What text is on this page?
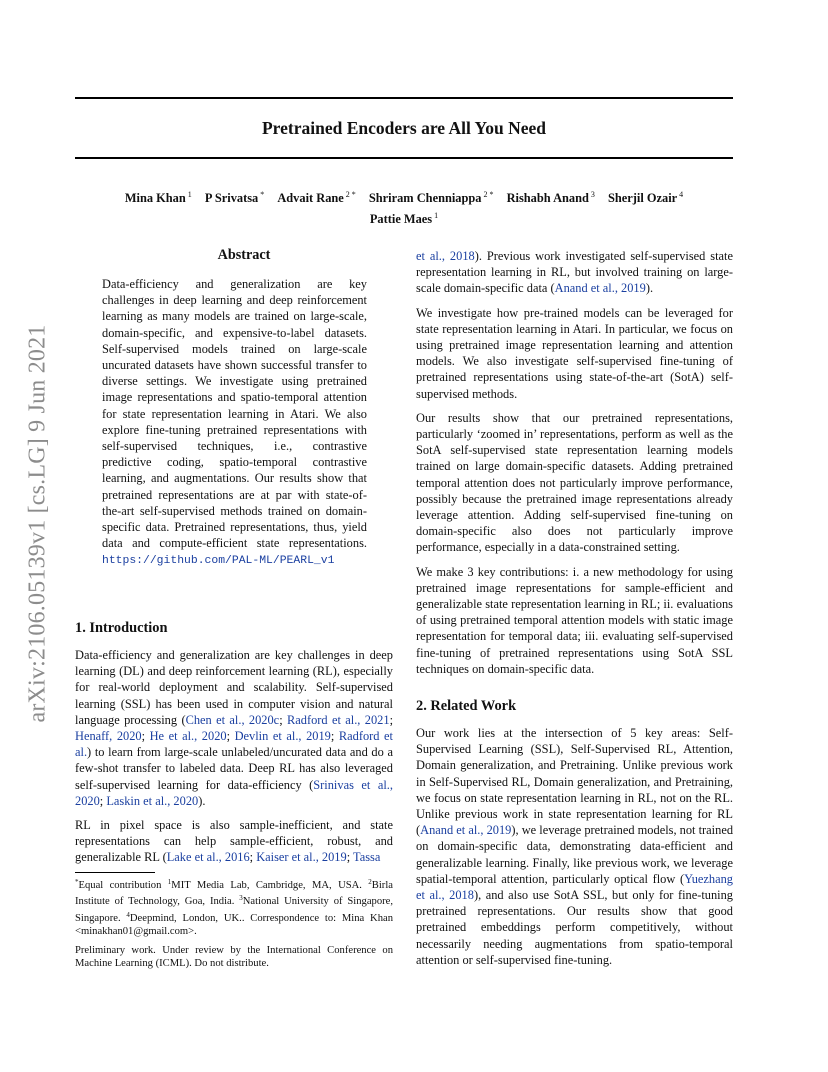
Pretrained Encoders are All You Need
Mina Khan $^1$ P Srivatsa * Advait Rane $^{2 *}$ Shriram Chenniappa $^{2 *}$ Rishabh Anand $^3$ Sherjil Ozair $^4$
Pattie Maes $^1$
arXiv:2106.05139v1 [cs.LG] 9 Jun 2021
Abstract

Data-efficiency and generalization are key challenges in deep learning and deep reinforcement learning as many models are trained on large-scale, domain-specific, and expensive-to-label datasets. Self-supervised models trained on large-scale uncurated datasets have shown successful transfer to diverse settings. We investigate using pretrained image representations and spatio-temporal attention for state representation learning in Atari. We also explore fine-tuning pretrained representations with self-supervised techniques, i.e., contrastive predictive coding, spatio-temporal contrastive learning, and augmentations. Our results show that pretrained representations are at par with state-of-the-art self-supervised methods trained on domain-specific data. Pretrained representations, thus, yield data and compute-efficient state representations. https://github.com/PAL-ML/PEARL_v1

1. Introduction

Data-efficiency and generalization are key challenges in deep learning (DL) and deep reinforcement learning (RL), especially for real-world deployment and scalability. Self-supervised learning (SSL) has been used in computer vision and natural language processing (Chen et al., 2020c; Radford et al., 2021; Henaff, 2020; He et al., 2020; Devlin et al., 2019; Radford et al.) to learn from large-scale unlabeled/uncurated data and do a few-shot transfer to labeled data. Deep RL has also leveraged self-supervised learning for data-efficiency (Srinivas et al., 2020; Laskin et al., 2020).

RL in pixel space is also sample-inefficient, and state representations can help sample-efficient, robust, and generalizable RL (Lake et al., 2016; Kaiser et al., 2019; Tassa

*Equal contribution $^1$MIT Media Lab, Cambridge, MA, USA. $^2$Birla Institute of Technology, Goa, India. $^3$National University of Singapore, Singapore. $^4$Deepmind, London, UK.. Correspondence to: Mina Khan <minakhan01@gmail.com>.
Preliminary work. Under review by the International Conference on Machine Learning (ICML). Do not distribute.

et al., 2018). Previous work investigated self-supervised state representation learning in RL, but involved training on large-scale domain-specific data (Anand et al., 2019).

We investigate how pre-trained models can be leveraged for state representation learning in Atari. In particular, we focus on using pretrained image representation learning and attention models. We also investigate self-supervised fine-tuning of pretrained representations using state-of-the-art (SotA) self-supervised methods.

Our results show that our pretrained representations, particularly ‘zoomed in’ representations, perform as well as the SotA self-supervised state representation learning models trained on large domain-specific datasets. Adding pretrained temporal attention does not particularly improve performance, possibly because the pretrained image representations already leverage attention. Adding self-supervised fine-tuning on domain-specific also does not particularly improve performance, especially in a data-constrained setting.

We make 3 key contributions: i. a new methodology for using pretrained image representations for sample-efficient and generalizable state representation learning in RL; ii. evaluations of using pretrained temporal attention models with static image representation for temporal data; iii. evaluating self-supervised fine-tuning of pretrained representations using SotA SSL techniques on domain-specific data.

2. Related Work

Our work lies at the intersection of 5 key areas: Self-Supervised Learning (SSL), Self-Supervised RL, Attention, Domain generalization, and Pretraining. Unlike previous work in Self-Supervised RL, Domain generalization, and Pretraining, we focus on state representation learning in RL, not on the RL. Unlike previous work in state representation learning for RL (Anand et al., 2019), we leverage pretrained models, not trained on domain-specific data, demonstrating data-efficient and generalizable learning. Finally, like previous work, we leverage spatial-temporal attention, particularly optical flow (Yuezhang et al., 2018), and also use SotA SSL, but only for fine-tuning pretrained representations. Our results show that good pretrained embeddings perform competitively, without necessarily needing augmentations from spatio-temporal attention or self-supervised fine-tuning.
